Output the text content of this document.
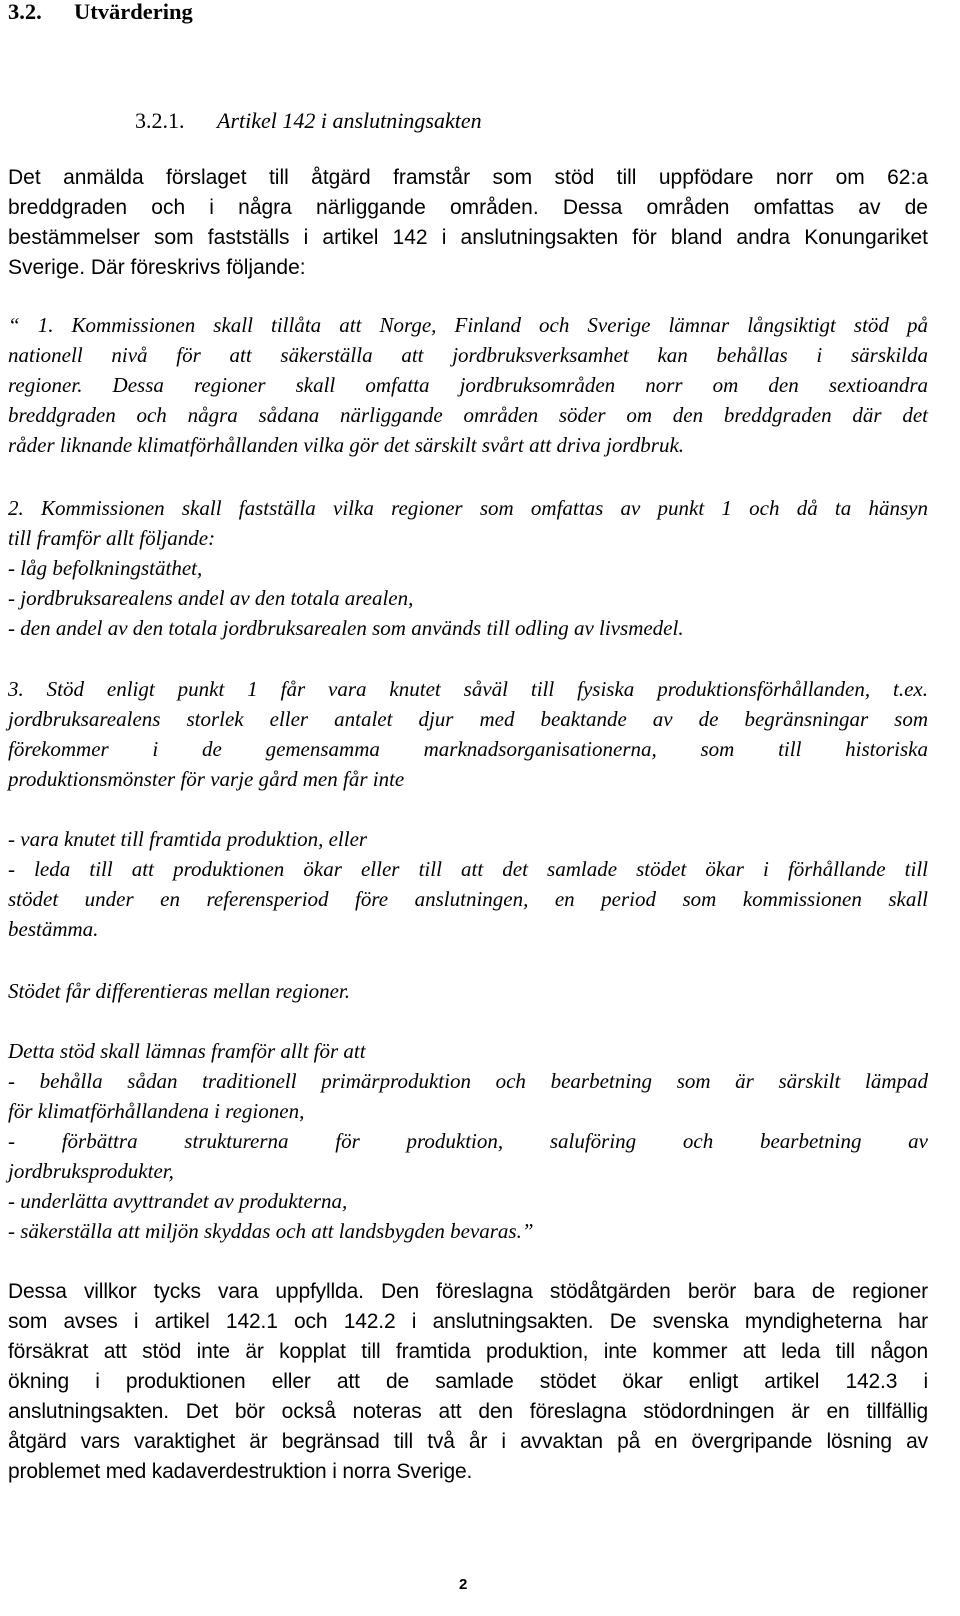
3.2. Utvärdering
3.2.1. Artikel 142 i anslutningsakten
Det anmälda förslaget till åtgärd framstår som stöd till uppfödare norr om 62:a
breddgraden och i några närliggande områden. Dessa områden omfattas av de
bestämmelser som fastställs i artikel 142 i anslutningsakten för bland andra Konungariket
Sverige. Där föreskrivs följande:
“ 1. Kommissionen skall tillåta att Norge, Finland och Sverige lämnar långsiktigt stöd på
nationell nivå för att säkerställa att jordbruksverksamhet kan behållas i särskilda
regioner. Dessa regioner skall omfatta jordbruksområden norr om den sextioandra
breddgraden och några sådana närliggande områden söder om den breddgraden där det
råder liknande klimatförhållanden vilka gör det särskilt svårt att driva jordbruk.
2. Kommissionen skall fastställa vilka regioner som omfattas av punkt 1 och då ta hänsyn
till framför allt följande:
- låg befolkningstäthet,
- jordbruksarealens andel av den totala arealen,
- den andel av den totala jordbruksarealen som används till odling av livsmedel.
3. Stöd enligt punkt 1 får vara knutet såväl till fysiska produktionsförhållanden, t.ex.
jordbruksarealens storlek eller antalet djur med beaktande av de begränsningar som
förekommer i de gemensamma marknadsorganisationerna, som till historiska
produktionsmönster för varje gård men får inte
- vara knutet till framtida produktion, eller
- leda till att produktionen ökar eller till att det samlade stödet ökar i förhållande till
stödet under en referensperiod före anslutningen, en period som kommissionen skall
bestämma.
Stödet får differentieras mellan regioner.
Detta stöd skall lämnas framför allt för att
- behålla sådan traditionell primärproduktion och bearbetning som är särskilt lämpad
för klimatförhållandena i regionen,
- förbättra strukturerna för produktion, saluföring och bearbetning av
jordbruksprodukter,
- underlätta avyttrandet av produkterna,
- säkerställa att miljön skyddas och att landsbygden bevaras.”
Dessa villkor tycks vara uppfyllda. Den föreslagna stödåtgärden berör bara de regioner
som avses i artikel 142.1 och 142.2 i anslutningsakten. De svenska myndigheterna har
försäkrat att stöd inte är kopplat till framtida produktion, inte kommer att leda till någon
ökning i produktionen eller att de samlade stödet ökar enligt artikel 142.3 i
anslutningsakten. Det bör också noteras att den föreslagna stödordningen är en tillfällig
åtgärd vars varaktighet är begränsad till två år i avvaktan på en övergripande lösning av
problemet med kadaverdestruktion i norra Sverige.
2
